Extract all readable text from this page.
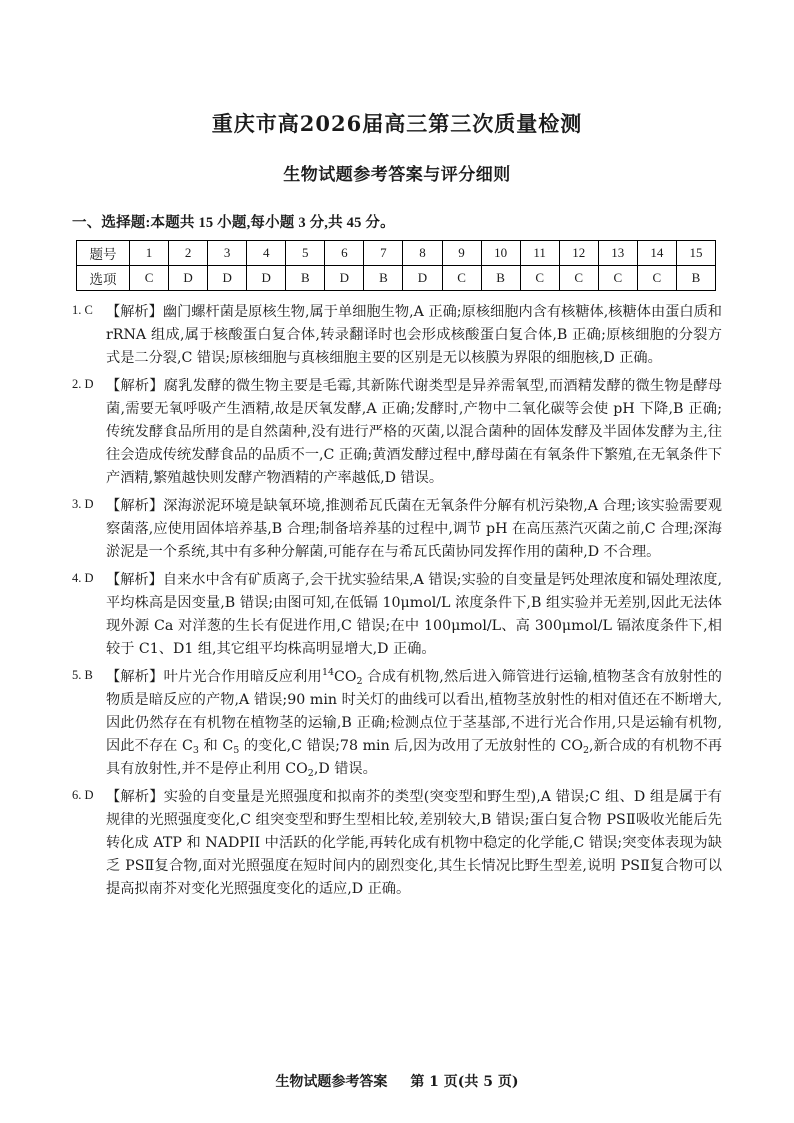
重庆市高2026届高三第三次质量检测
生物试题参考答案与评分细则
一、选择题:本题共 15 小题,每小题 3 分,共 45 分。
题号	1	2	3	4	5	6	7	8	9	10	11	12	13	14	15
选项	C	D	D	D	B	D	B	D	C	B	C	C	C	C	B
1. C 【解析】幽门螺杆菌是原核生物,属于单细胞生物,A 正确;原核细胞内含有核糖体,核糖体由蛋白质和 rRNA 组成,属于核酸蛋白复合体,转录翻译时也会形成核酸蛋白复合体,B 正确;原核细胞的分裂方式是二分裂,C 错误;原核细胞与真核细胞主要的区别是无以核膜为界限的细胞核,D 正确。
2. D 【解析】腐乳发酵的微生物主要是毛霉,其新陈代谢类型是异养需氧型,而酒精发酵的微生物是酵母菌,需要无氧呼吸产生酒精,故是厌氧发酵,A 正确;发酵时,产物中二氧化碳等会使 pH 下降,B 正确;传统发酵食品所用的是自然菌种,没有进行严格的灭菌,以混合菌种的固体发酵及半固体发酵为主,往往会造成传统发酵食品的品质不一,C 正确;黄酒发酵过程中,酵母菌在有氧条件下繁殖,在无氧条件下产酒精,繁殖越快则发酵产物酒精的产率越低,D 错误。
3. D 【解析】深海淤泥环境是缺氧环境,推测希瓦氏菌在无氧条件分解有机污染物,A 合理;该实验需要观察菌落,应使用固体培养基,B 合理;制备培养基的过程中,调节 pH 在高压蒸汽灭菌之前,C 合理;深海淤泥是一个系统,其中有多种分解菌,可能存在与希瓦氏菌协同发挥作用的菌种,D 不合理。
4. D 【解析】自来水中含有矿质离子,会干扰实验结果,A 错误;实验的自变量是钙处理浓度和镉处理浓度,平均株高是因变量,B 错误;由图可知,在低镉 10μmol/L 浓度条件下,B 组实验并无差别,因此无法体现外源 Ca 对洋葱的生长有促进作用,C 错误;在中 100μmol/L、高 300μmol/L 镉浓度条件下,相较于 C1、D1 组,其它组平均株高明显增大,D 正确。
5. B 【解析】叶片光合作用暗反应利用$^{14}CO_2$ 合成有机物,然后进入筛管进行运输,植物茎含有放射性的物质是暗反应的产物,A 错误;90 min 时关灯的曲线可以看出,植物茎放射性的相对值还在不断增大,因此仍然存在有机物在植物茎的运输,B 正确;检测点位于茎基部,不进行光合作用,只是运输有机物,因此不存在 $C_3$ 和 $C_5$ 的变化,C 错误;78 min 后,因为改用了无放射性的 $CO_2$,新合成的有机物不再具有放射性,并不是停止利用 $CO_2,D$ 错误。
6. D 【解析】实验的自变量是光照强度和拟南芥的类型(突变型和野生型),A 错误;C 组、D 组是属于有规律的光照强度变化,C 组突变型和野生型相比较,差别较大,B 错误;蛋白复合物 PSⅡ吸收光能后先转化成 ATP 和 NADPII 中活跃的化学能,再转化成有机物中稳定的化学能,C 错误;突变体表现为缺乏 PSⅡ复合物,面对光照强度在短时间内的剧烈变化,其生长情况比野生型差,说明 PSⅡ复合物可以提高拟南芥对变化光照强度变化的适应,D 正确。
生物试题参考答案 第 1 页(共 5 页)
